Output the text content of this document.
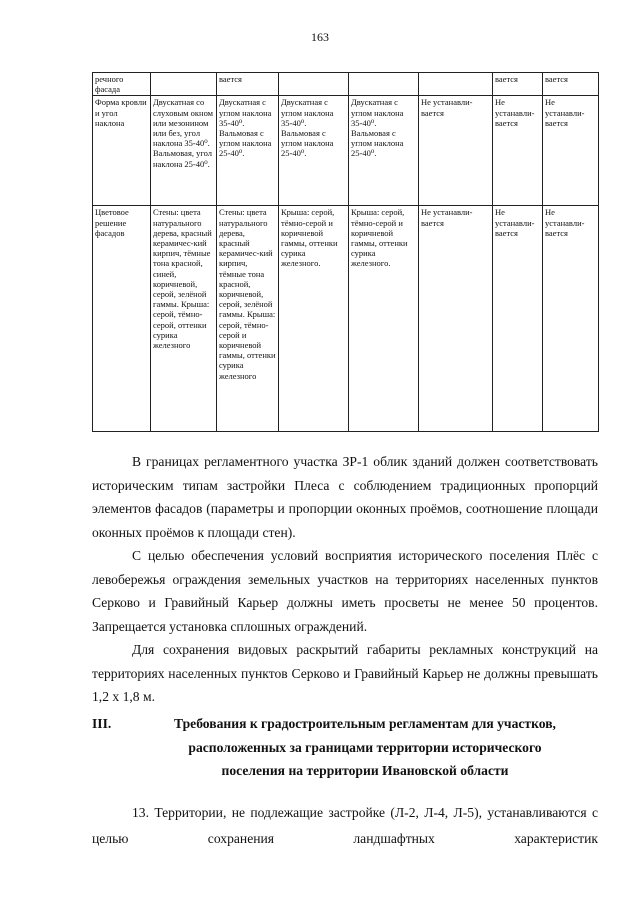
163
речного фасада		вается				вается	вается
Форма кровли и угол наклона	Двускатная со слуховым окном или мезонином или без, угол наклона 35-40⁰. Вальмовая, угол наклона 25-40⁰.	Двускатная с углом наклона 35-40⁰. Вальмовая с углом наклона 25-40⁰.	Двускатная с углом наклона 35-40⁰. Вальмовая с углом наклона 25-40⁰.	Двускатная с углом наклона 35-40⁰. Вальмовая с углом наклона 25-40⁰.	Не устанавли-вается	Не устанавли-вается	Не устанавли-вается
Цветовое решение фасадов	Стены: цвета натурального дерева, красный керамичес-кий кирпич, тёмные тона красной, синей, коричневой, серой, зелёной гаммы. Крыша: серой, тёмно-серой, оттенки сурика железного	Стены: цвета натурального дерева, красный керамичес-кий кирпич, тёмные тона красной, коричневой, серой, зелёной гаммы. Крыша: серой, тёмно-серой и коричневой гаммы, оттенки сурика железного	Крыша: серой, тёмно-серой и коричневой гаммы, оттенки сурика железного.	Крыша: серой, тёмно-серой и коричневой гаммы, оттенки сурика железного.	Не устанавли-вается	Не устанавли-вается	Не устанавли-вается

В границах регламентного участка ЗР-1 облик зданий должен соответствовать историческим типам застройки Плеса с соблюдением традиционных пропорций элементов фасадов (параметры и пропорции оконных проёмов, соотношение площади оконных проёмов к площади стен).

С целью обеспечения условий восприятия исторического поселения Плёс с левобережья ограждения земельных участков на территориях населенных пунктов Серково и Гравийный Карьер должны иметь просветы не менее 50 процентов. Запрещается установка сплошных ограждений.

Для сохранения видовых раскрытий габариты рекламных конструкций на территориях населенных пунктов Серково и Гравийный Карьер не должны превышать 1,2 х 1,8 м.

III.	Требования к градостроительным регламентам для участков,
расположенных за границами территории исторического
поселения на территории Ивановской области

13. Территории, не подлежащие застройке (Л-2, Л-4, Л-5), устанавливаются с целью сохранения ландшафтных характеристик
